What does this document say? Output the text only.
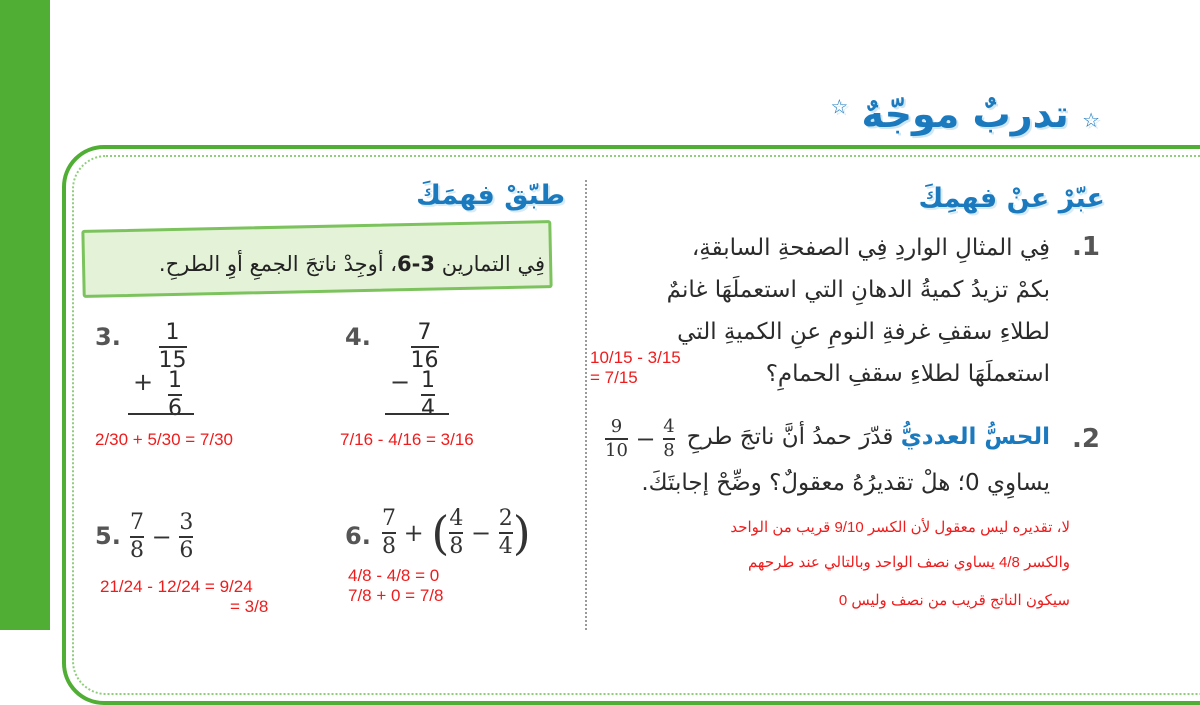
☆ تدربٌ موجّهٌ ☆
طبّقْ فهمَكَ
فِي التمارين 3-6، أوجِدْ ناتجَ الجمعِ أوِ الطرحِ.
3. $\frac{1}{15}$
+ $\frac{1}{6}$
2/30 + 5/30 = 7/30
4. $\frac{7}{16}$
− $\frac{1}{4}$
7/16 - 4/16 = 3/16
5. $\frac{7}{8} - \frac{3}{6}$
21/24 - 12/24 = 9/24
= 3/8
6. $\frac{7}{8}$ + ( $\frac{4}{8} - \frac{2}{4}$ )
4/8 - 4/8 = 0
7/8 + 0 = 7/8
عبّرْ عنْ فهمِكَ
.1
فِي المثالِ الواردِ فِي الصفحةِ السابقةِ،
بكمْ تزيدُ كميةُ الدهانِ التي استعملَهَا غانمٌ
لطلاءِ سقفِ غرفةِ النومِ عنِ الكميةِ التي
استعملَهَا لطلاءِ سقفِ الحمامِ؟
10/15 - 3/15
= 7/15
.2
الحسُّ العدديُّ قدّرَ حمدُ أنَّ ناتجَ طرحِ
$\frac{9}{10} - \frac{4}{8}$
يساوِي 0؛ هلْ تقديرُهُ معقولٌ؟ وضِّحْ إجابتَكَ.
لا، تقديره ليس معقول لأن الكسر 9/10 قريب من الواحد
والكسر 4/8 يساوي نصف الواحد وبالتالي عند طرحهم
سيكون الناتج قريب من نصف وليس 0
